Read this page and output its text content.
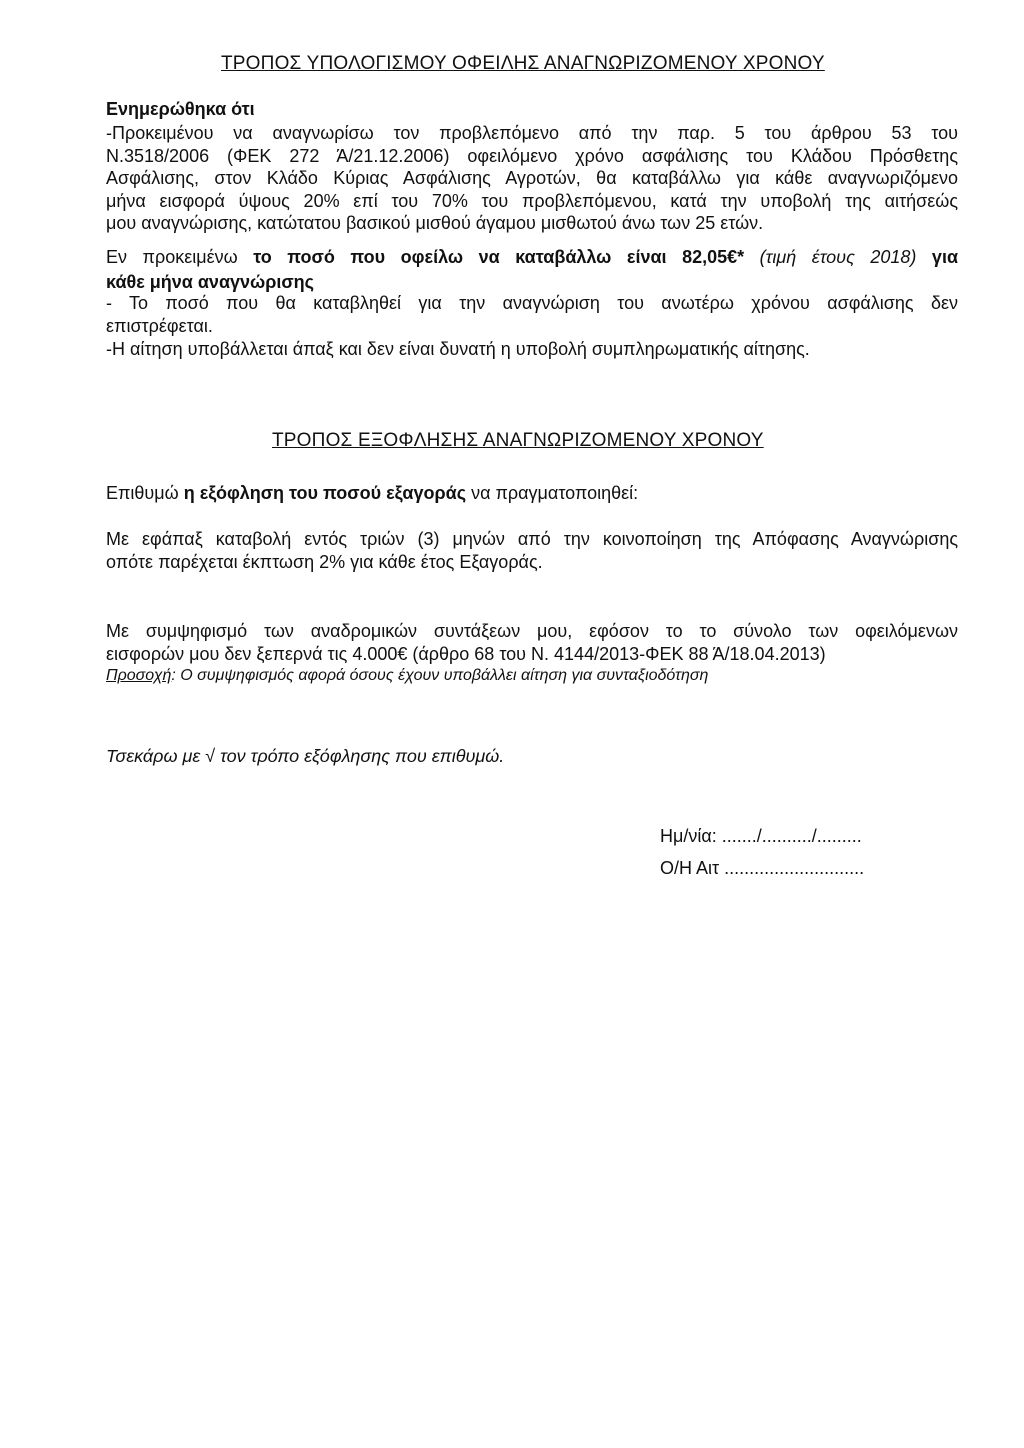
ΤΡΟΠΟΣ ΥΠΟΛΟΓΙΣΜΟΥ ΟΦΕΙΛΗΣ ΑΝΑΓΝΩΡΙΖΟΜΕΝΟΥ ΧΡΟΝΟΥ
Ενημερώθηκα ότι
-Προκειμένου να αναγνωρίσω τον προβλεπόμενο από την παρ. 5 του άρθρου 53 του
Ν.3518/2006 (ΦΕΚ 272 Ά/21.12.2006) οφειλόμενο χρόνο ασφάλισης του Κλάδου Πρόσθετης
Ασφάλισης, στον Κλάδο Κύριας Ασφάλισης Αγροτών, θα καταβάλλω για κάθε αναγνωριζόμενο
μήνα εισφορά ύψους 20% επί του 70% του προβλεπόμενου, κατά την υποβολή της αιτήσεώς
μου αναγνώρισης, κατώτατου βασικού μισθού άγαμου μισθωτού άνω των 25 ετών.
Εν προκειμένω το ποσό που οφείλω να καταβάλλω είναι 82,05€* (τιμή έτους 2018) για
κάθε μήνα αναγνώρισης
- Το ποσό που θα καταβληθεί για την αναγνώριση του ανωτέρω χρόνου ασφάλισης δεν
επιστρέφεται.
-Η αίτηση υποβάλλεται άπαξ και δεν είναι δυνατή η υποβολή συμπληρωματικής αίτησης.
ΤΡΟΠΟΣ ΕΞΟΦΛΗΣΗΣ ΑΝΑΓΝΩΡΙΖΟΜΕΝΟΥ ΧΡΟΝΟΥ
Επιθυμώ η εξόφληση του ποσού εξαγοράς να πραγματοποιηθεί:
Με εφάπαξ καταβολή εντός τριών (3) μηνών από την κοινοποίηση της Απόφασης Αναγνώρισης
οπότε παρέχεται έκπτωση 2% για κάθε έτος Εξαγοράς.
Με συμψηφισμό των αναδρομικών συντάξεων μου, εφόσον το το σύνολο των οφειλόμενων
εισφορών μου δεν ξεπερνά τις 4.000€ (άρθρο 68 του Ν. 4144/2013-ΦΕΚ 88 Ά/18.04.2013)
Προσοχή: Ο συμψηφισμός αφορά όσους έχουν υποβάλλει αίτηση για συνταξιοδότηση
Τσεκάρω με √ τον τρόπο εξόφλησης που επιθυμώ.
Ημ/νία: ......./........../.........
Ο/Η Αιτ ............................
